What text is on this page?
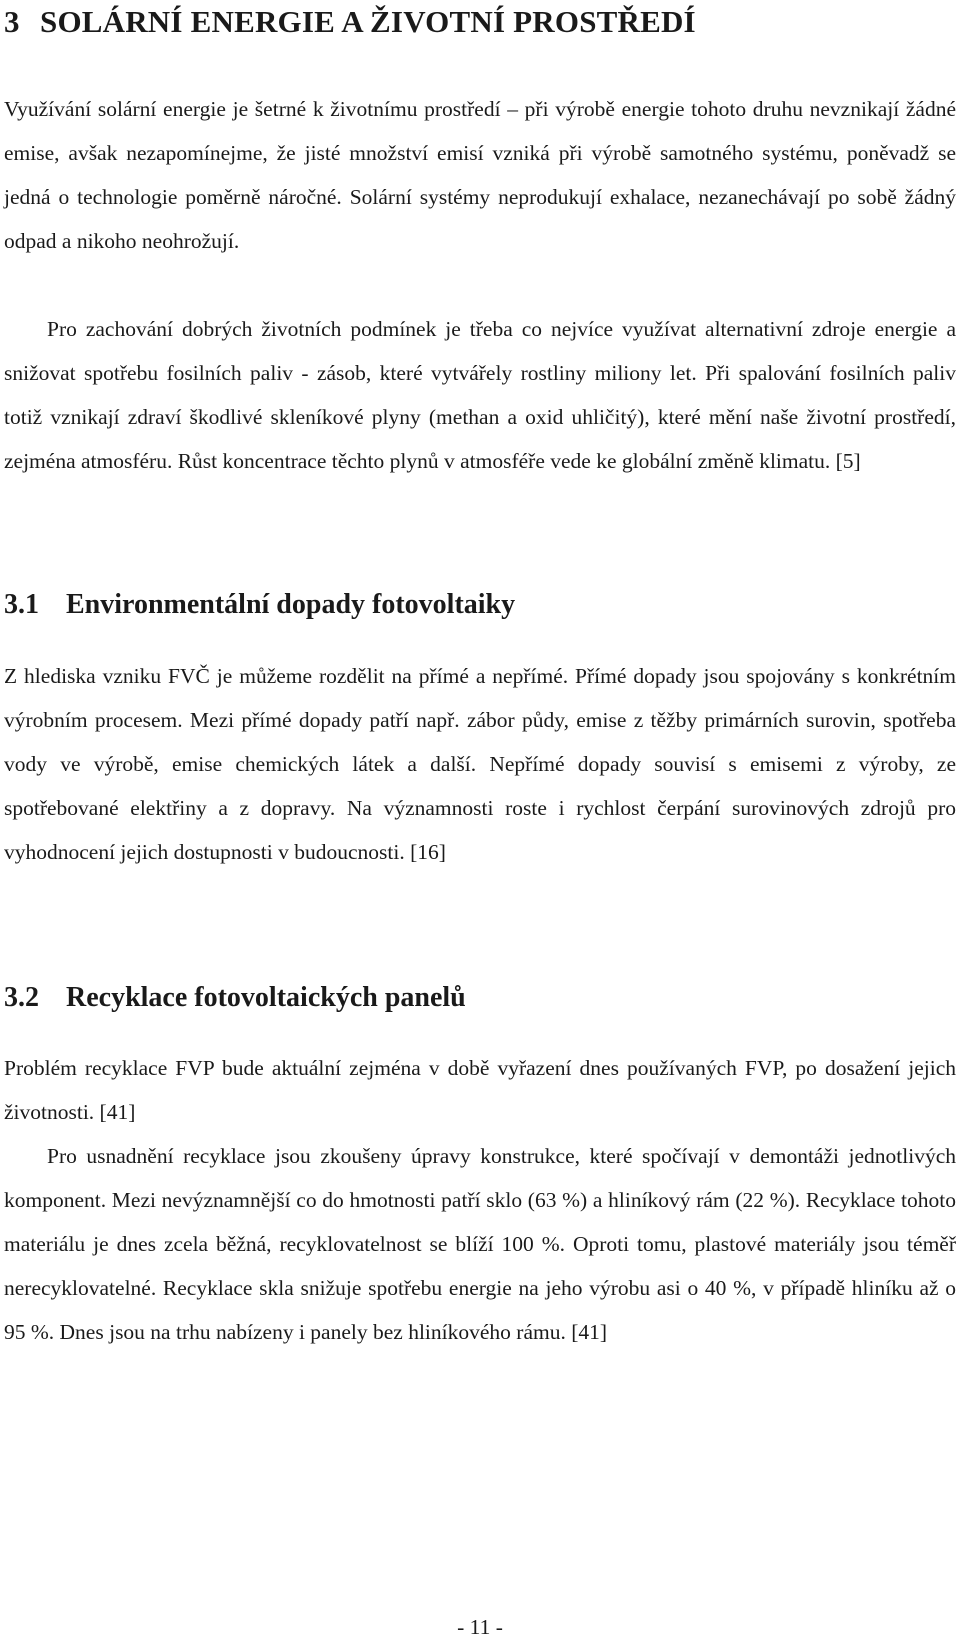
3 SOLÁRNÍ ENERGIE A ŽIVOTNÍ PROSTŘEDÍ

Využívání solární energie je šetrné k životnímu prostředí – při výrobě energie tohoto druhu nevznikají žádné emise, avšak nezapomínejme, že jisté množství emisí vzniká při výrobě samotného systému, poněvadž se jedná o technologie poměrně náročné. Solární systémy neprodukují exhalace, nezanechávají po sobě žádný odpad a nikoho neohrožují.

Pro zachování dobrých životních podmínek je třeba co nejvíce využívat alternativní zdroje energie a snižovat spotřebu fosilních paliv - zásob, které vytvářely rostliny miliony let. Při spalování fosilních paliv totiž vznikají zdraví škodlivé skleníkové plyny (methan a oxid uhličitý), které mění naše životní prostředí, zejména atmosféru. Růst koncentrace těchto plynů v atmosféře vede ke globální změně klimatu. [5]

3.1 Environmentální dopady fotovoltaiky

Z hlediska vzniku FVČ je můžeme rozdělit na přímé a nepřímé. Přímé dopady jsou spojovány s konkrétním výrobním procesem. Mezi přímé dopady patří např. zábor půdy, emise z těžby primárních surovin, spotřeba vody ve výrobě, emise chemických látek a další. Nepřímé dopady souvisí s emisemi z výroby, ze spotřebované elektřiny a z dopravy. Na významnosti roste i rychlost čerpání surovinových zdrojů pro vyhodnocení jejich dostupnosti v budoucnosti. [16]

3.2 Recyklace fotovoltaických panelů

Problém recyklace FVP bude aktuální zejména v době vyřazení dnes používaných FVP, po dosažení jejich životnosti. [41]

Pro usnadnění recyklace jsou zkoušeny úpravy konstrukce, které spočívají v demontáži jednotlivých komponent. Mezi nevýznamnější co do hmotnosti patří sklo (63 %) a hliníkový rám (22 %). Recyklace tohoto materiálu je dnes zcela běžná, recyklovatelnost se blíží 100 %. Oproti tomu, plastové materiály jsou téměř nerecyklovatelné. Recyklace skla snižuje spotřebu energie na jeho výrobu asi o 40 %, v případě hliníku až o 95 %. Dnes jsou na trhu nabízeny i panely bez hliníkového rámu. [41]

- 11 -
